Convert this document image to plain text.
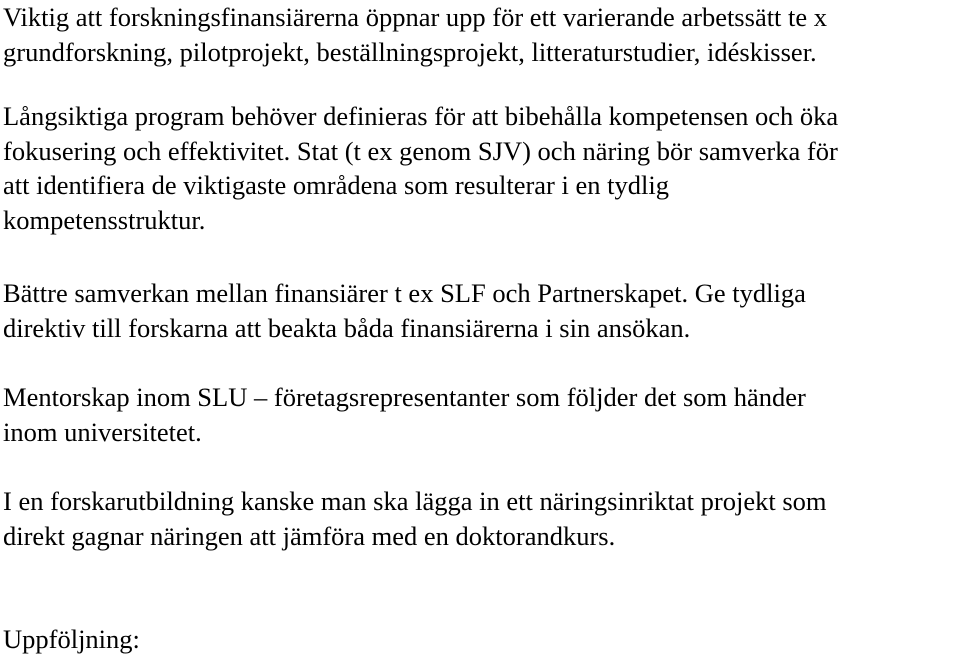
Viktig att forskningsfinansiärerna öppnar upp för ett varierande arbetssätt te x
grundforskning, pilotprojekt, beställningsprojekt, litteraturstudier, idéskisser.

Långsiktiga program behöver definieras för att bibehålla kompetensen och öka
fokusering och effektivitet. Stat (t ex genom SJV) och näring bör samverka för
att identifiera de viktigaste områdena som resulterar i en tydlig
kompetensstruktur.

Bättre samverkan mellan finansiärer t ex SLF och Partnerskapet. Ge tydliga
direktiv till forskarna att beakta båda finansiärerna i sin ansökan.

Mentorskap inom SLU – företagsrepresentanter som följder det som händer
inom universitetet.

I en forskarutbildning kanske man ska lägga in ett näringsinriktat projekt som
direkt gagnar näringen att jämföra med en doktorandkurs.

Uppföljning:
